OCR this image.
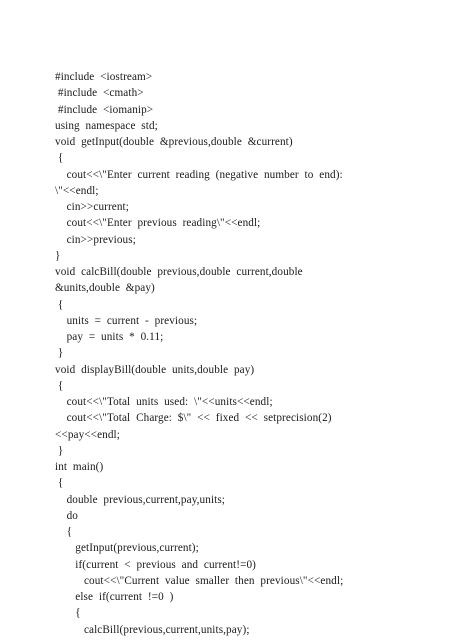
#include  <iostream>
#include  <cmath>
#include  <iomanip>
using  namespace  std;
void  getInput(double  &previous,double  &current)
{
cout<<\"Enter  current  reading  (negative  number  to  end):
\"<<endl;
cin>>current;
cout<<\"Enter  previous  reading\"<<endl;
cin>>previous;
}
void  calcBill(double  previous,double  current,double
&units,double  &pay)
{
units  =  current  -  previous;
pay  =  units  *  0.11;
}
void  displayBill(double  units,double  pay)
{
cout<<\"Total  units  used:  \"<<units<<endl;
cout<<\"Total  Charge:  $\"  <<  fixed  <<  setprecision(2)
<<pay<<endl;
}
int  main()
{
double  previous,current,pay,units;
do
{
getInput(previous,current);
if(current  <  previous  and  current!=0)
cout<<\"Current  value  smaller  then  previous\"<<endl;
else  if(current  !=0  )
{
calcBill(previous,current,units,pay);
